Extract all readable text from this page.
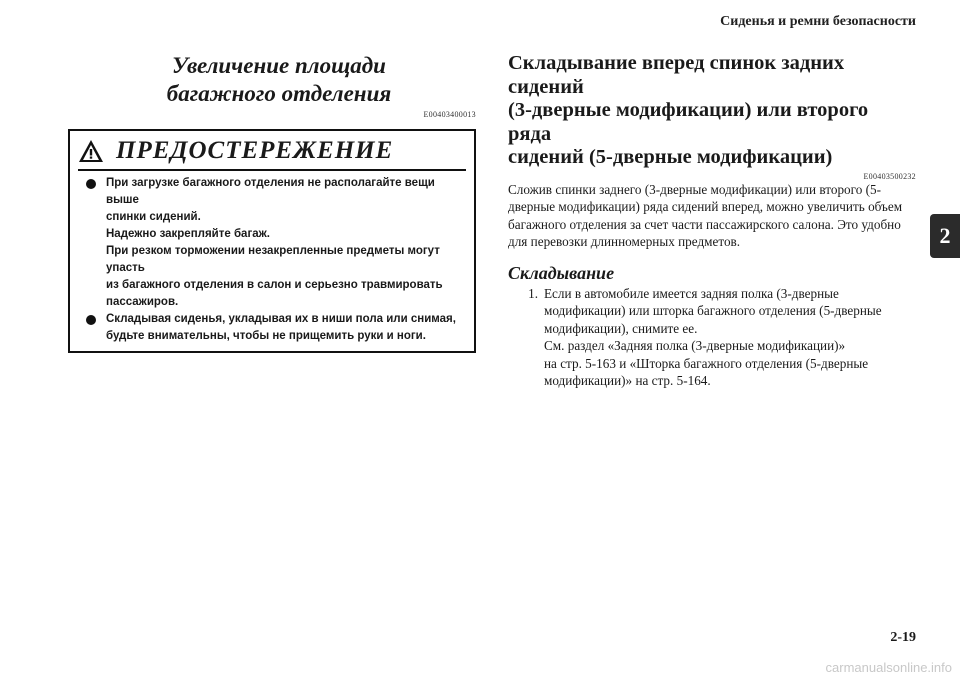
Сиденья и ремни безопасности
2
Увеличение площади
багажного отделения
E00403400013
ПРЕДОСТЕРЕЖЕНИЕ
При загрузке багажного отделения не располагайте вещи выше
спинки сидений.
Надежно закрепляйте багаж.
При резком торможении незакрепленные предметы могут упасть
из багажного отделения в салон и серьезно травмировать
пассажиров.
Складывая сиденья, укладывая их в ниши пола или снимая,
будьте внимательны, чтобы не прищемить руки и ноги.
Складывание вперед спинок задних сидений
(3-дверные модификации) или второго ряда
сидений (5-дверные модификации)
E00403500232
Сложив спинки заднего (3-дверные модификации) или второго (5-
дверные модификации) ряда сидений вперед, можно увеличить объем
багажного отделения за счет части пассажирского салона. Это удобно
для перевозки длинномерных предметов.
Складывание
1. Если в автомобиле имеется задняя полка (3-дверные
модификации) или шторка багажного отделения (5-дверные
модификации), снимите ее.
См. раздел «Задняя полка (3-дверные модификации)»
на стр. 5-163 и «Шторка багажного отделения (5-дверные
модификации)» на стр. 5-164.
2-19
carmanualsonline.info
